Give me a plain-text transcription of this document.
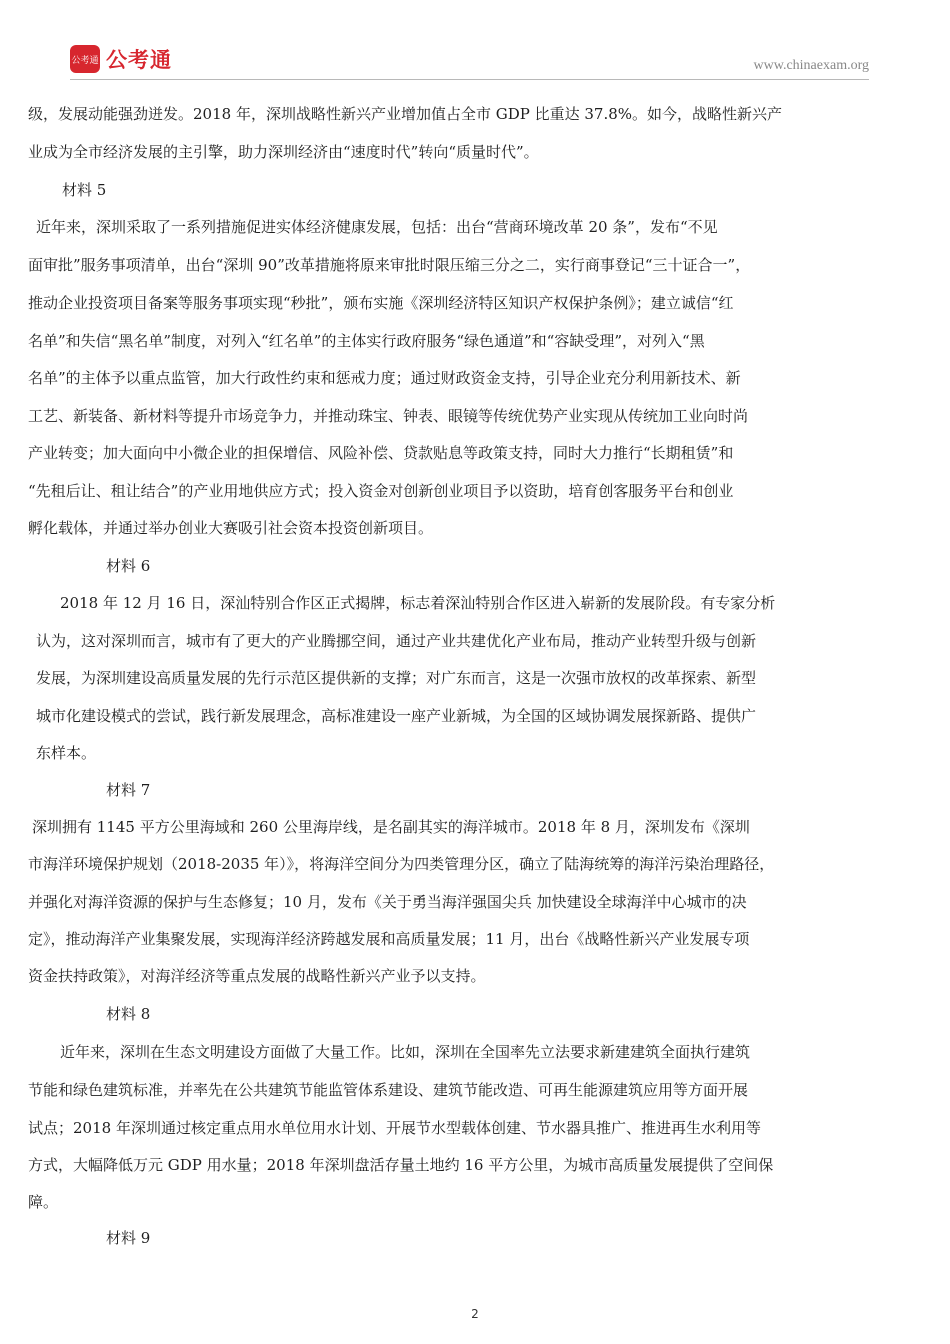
公考通 公考通	www.chinaexam.org
级，发展动能强劲迸发。2018 年，深圳战略性新兴产业增加值占全市 GDP 比重达 37.8%。如今，战略性新兴产
业成为全市经济发展的主引擎，助力深圳经济由“速度时代”转向“质量时代”。
材料 5
近年来，深圳采取了一系列措施促进实体经济健康发展，包括：出台“营商环境改革 20 条”，发布“不见
面审批”服务事项清单，出台“深圳 90”改革措施将原来审批时限压缩三分之二，实行商事登记“三十证合一”，
推动企业投资项目备案等服务事项实现“秒批”，颁布实施《深圳经济特区知识产权保护条例》；建立诚信“红
名单”和失信“黑名单”制度，对列入“红名单”的主体实行政府服务“绿色通道”和“容缺受理”，对列入“黑
名单”的主体予以重点监管，加大行政性约束和惩戒力度；通过财政资金支持，引导企业充分利用新技术、新
工艺、新装备、新材料等提升市场竞争力，并推动珠宝、钟表、眼镜等传统优势产业实现从传统加工业向时尚
产业转变；加大面向中小微企业的担保增信、风险补偿、贷款贴息等政策支持，同时大力推行“长期租赁”和
“先租后让、租让结合”的产业用地供应方式；投入资金对创新创业项目予以资助，培育创客服务平台和创业
孵化载体，并通过举办创业大赛吸引社会资本投资创新项目。
材料 6
2018 年 12 月 16 日，深汕特别合作区正式揭牌，标志着深汕特别合作区进入崭新的发展阶段。有专家分析
认为，这对深圳而言，城市有了更大的产业腾挪空间，通过产业共建优化产业布局，推动产业转型升级与创新
发展，为深圳建设高质量发展的先行示范区提供新的支撑；对广东而言，这是一次强市放权的改革探索、新型
城市化建设模式的尝试，践行新发展理念，高标准建设一座产业新城，为全国的区域协调发展探新路、提供广
东样本。
材料 7
深圳拥有 1145 平方公里海域和 260 公里海岸线，是名副其实的海洋城市。2018 年 8 月，深圳发布《深圳
市海洋环境保护规划（2018-2035 年）》，将海洋空间分为四类管理分区，确立了陆海统筹的海洋污染治理路径，
并强化对海洋资源的保护与生态修复；10 月，发布《关于勇当海洋强国尖兵 加快建设全球海洋中心城市的决
定》，推动海洋产业集聚发展，实现海洋经济跨越发展和高质量发展；11 月，出台《战略性新兴产业发展专项
资金扶持政策》，对海洋经济等重点发展的战略性新兴产业予以支持。
材料 8
近年来，深圳在生态文明建设方面做了大量工作。比如，深圳在全国率先立法要求新建建筑全面执行建筑
节能和绿色建筑标准，并率先在公共建筑节能监管体系建设、建筑节能改造、可再生能源建筑应用等方面开展
试点；2018 年深圳通过核定重点用水单位用水计划、开展节水型载体创建、节水器具推广、推进再生水利用等
方式，大幅降低万元 GDP 用水量；2018 年深圳盘活存量土地约 16 平方公里，为城市高质量发展提供了空间保
障。
材料 9
2
